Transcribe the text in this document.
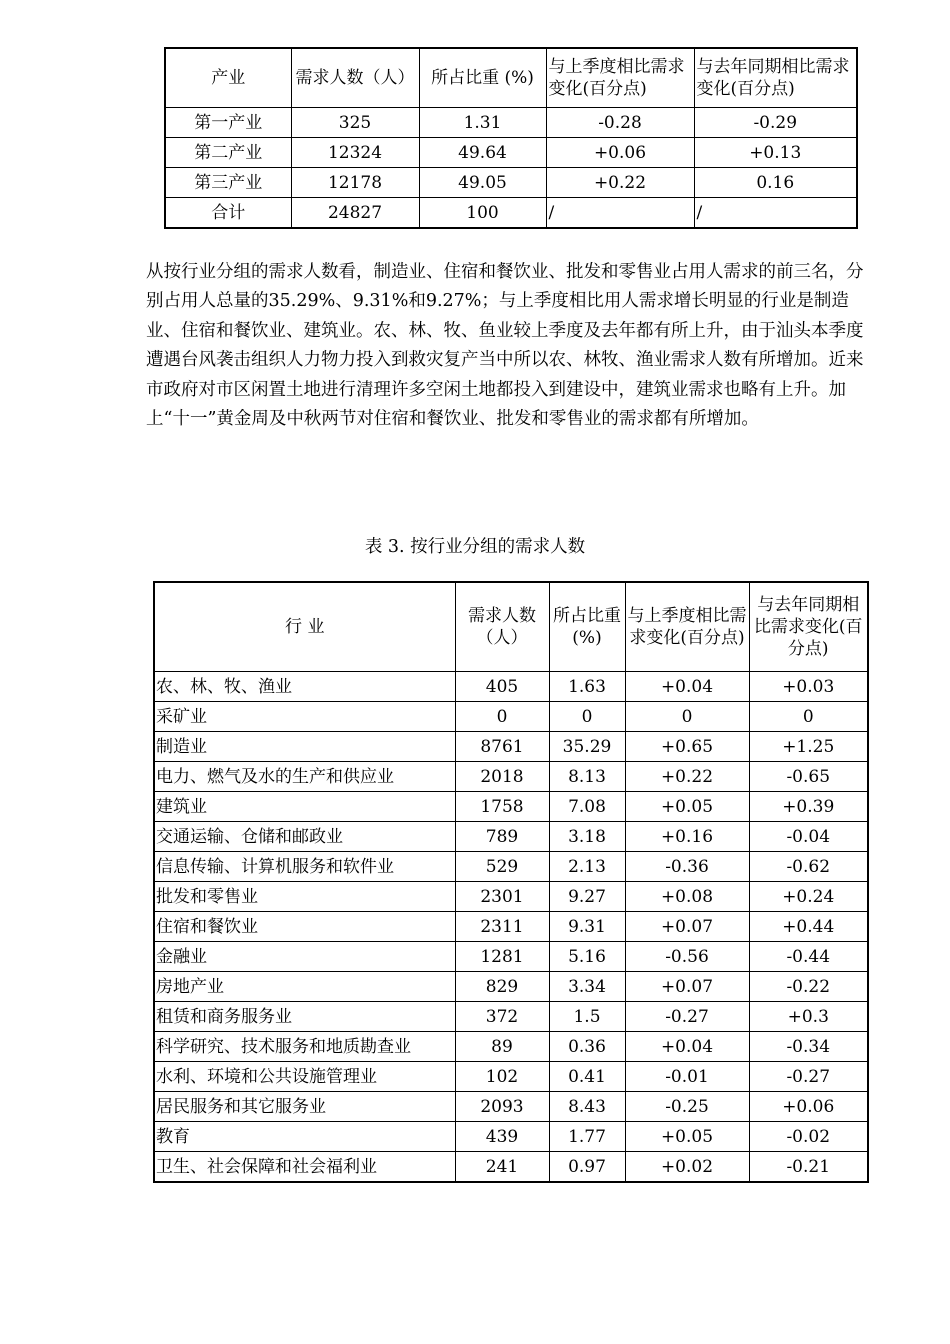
产业	需求人数（人）	所占比重 (%)	与上季度相比需求变化(百分点)	与去年同期相比需求变化(百分点)
第一产业	325	1.31	-0.28	-0.29
第二产业	12324	49.64	+0.06	+0.13
第三产业	12178	49.05	+0.22	0.16
合计	24827	100	/	/
从按行业分组的需求人数看，制造业、住宿和餐饮业、批发和零售业占用人需求的前三名，分别占用人总量的35.29%、9.31%和9.27%；与上季度相比用人需求增长明显的行业是制造业、住宿和餐饮业、建筑业。农、林、牧、鱼业较上季度及去年都有所上升，由于汕头本季度遭遇台风袭击组织人力物力投入到救灾复产当中所以农、林牧、渔业需求人数有所增加。近来市政府对市区闲置土地进行清理许多空闲土地都投入到建设中，建筑业需求也略有上升。加上“十一”黄金周及中秋两节对住宿和餐饮业、批发和零售业的需求都有所增加。
表 3. 按行业分组的需求人数
行 业	需求人数（人）	所占比重 (%)	与上季度相比需求变化(百分点)	与去年同期相比需求变化(百分点)
农、林、牧、渔业	405	1.63	+0.04	+0.03
采矿业	0	0	0	0
制造业	8761	35.29	+0.65	+1.25
电力、燃气及水的生产和供应业	2018	8.13	+0.22	-0.65
建筑业	1758	7.08	+0.05	+0.39
交通运输、仓储和邮政业	789	3.18	+0.16	-0.04
信息传输、计算机服务和软件业	529	2.13	-0.36	-0.62
批发和零售业	2301	9.27	+0.08	+0.24
住宿和餐饮业	2311	9.31	+0.07	+0.44
金融业	1281	5.16	-0.56	-0.44
房地产业	829	3.34	+0.07	-0.22
租赁和商务服务业	372	1.5	-0.27	+0.3
科学研究、技术服务和地质勘查业	89	0.36	+0.04	-0.34
水利、环境和公共设施管理业	102	0.41	-0.01	-0.27
居民服务和其它服务业	2093	8.43	-0.25	+0.06
教育	439	1.77	+0.05	-0.02
卫生、社会保障和社会福利业	241	0.97	+0.02	-0.21
